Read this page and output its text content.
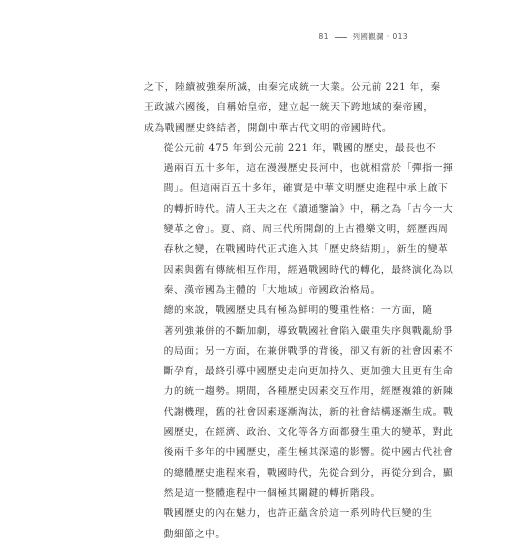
81	列國觀瀾 · 013

之下，陸續被強秦所滅，由秦完成統一大業。公元前 221 年，秦
王政滅六國後，自稱始皇帝，建立起一統天下跨地域的秦帝國，
成為戰國歷史終結者，開創中華古代文明的帝國時代。

從公元前 475 年到公元前 221 年，戰國的歷史，最長也不
過兩百五十多年，這在漫漫歷史長河中，也就相當於「彈指一揮
間」。但這兩百五十多年，確實是中華文明歷史進程中承上啟下
的轉折時代。清人王夫之在《讀通鑒論》中，稱之為「古今一大
變革之會」。夏、商、周三代所開創的上古禮樂文明，經歷西周
春秋之變，在戰國時代正式進入其「歷史終結期」，新生的變革
因素與舊有傳統相互作用，經過戰國時代的轉化，最終演化為以
秦、漢帝國為主體的「大地域」帝國政治格局。

總的來說，戰國歷史具有極為鮮明的雙重性格：一方面，隨
著列強兼併的不斷加劇，導致戰國社會陷入嚴重失序與戰亂紛爭
的局面；另一方面，在兼併戰爭的背後，卻又有新的社會因素不
斷孕育，最終引導中國歷史走向更加持久、更加強大且更有生命
力的統一趨勢。期間，各種歷史因素交互作用，經歷複雜的新陳
代謝機理，舊的社會因素逐漸淘汰，新的社會結構逐漸生成。戰
國歷史，在經濟、政治、文化等各方面都發生重大的變革，對此
後兩千多年的中國歷史，產生極其深遠的影響。從中國古代社會
的總體歷史進程來看，戰國時代，先從合到分，再從分到合，顯
然是這一整體進程中一個極其關鍵的轉折階段。

戰國歷史的內在魅力，也許正蘊含於這一系列時代巨變的生
動細節之中。
